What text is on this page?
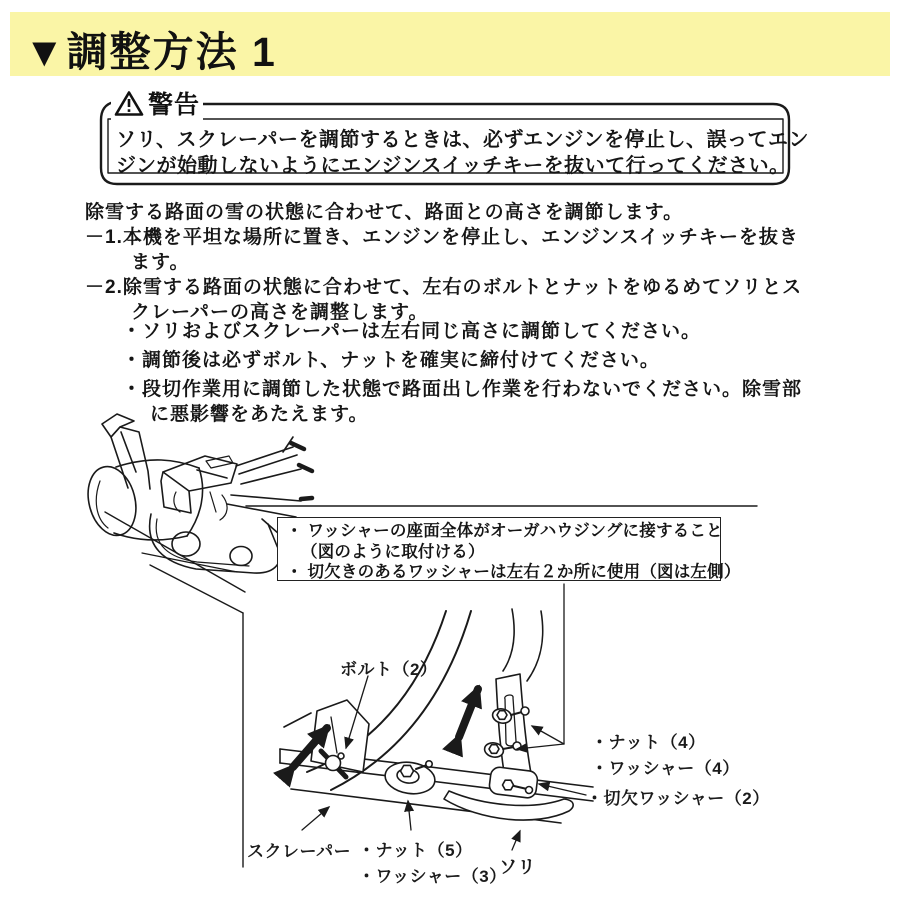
▼調整方法 1
警告
ソリ、スクレーパーを調節するときは、必ずエンジンを停止し、誤ってエン
ジンが始動しないようにエンジンスイッチキーを抜いて行ってください。
除雪する路面の雪の状態に合わせて、路面との高さを調節します。
－1.本機を平坦な場所に置き、エンジンを停止し、エンジンスイッチキーを抜き
ます。
－2.除雪する路面の状態に合わせて、左右のボルトとナットをゆるめてソリとス
クレーパーの高さを調整します。
・ソリおよびスクレーパーは左右同じ高さに調節してください。
・調節後は必ずボルト、ナットを確実に締付けてください。
・段切作業用に調節した状態で路面出し作業を行わないでください。除雪部
に悪影響をあたえます。
・ ワッシャーの座面全体がオーガハウジングに接すること
（図のように取付ける）
・ 切欠きのあるワッシャーは左右２か所に使用（図は左側）
ボルト（2）
・ナット（4）
・ワッシャー（4）
・切欠ワッシャー（2）
スクレーパー ・ナット（5）
・ワッシャー（3）
ソリ
